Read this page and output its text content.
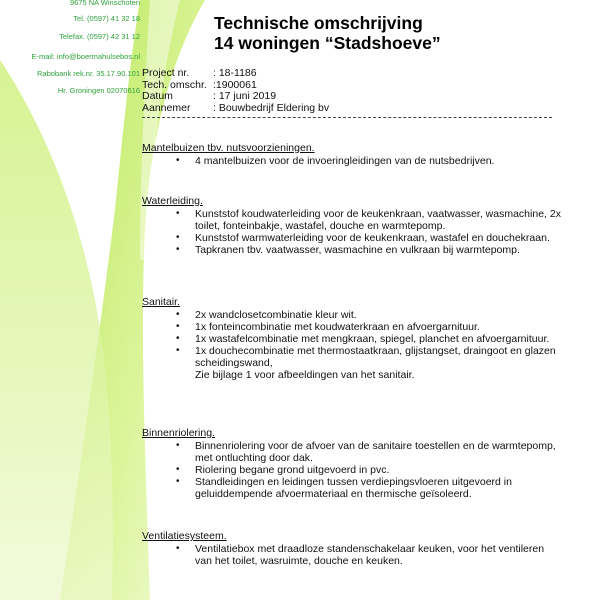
9675 NA Winschoten
Tel. (0597) 41 32 18
Telefax. (0597) 42 31 12
E-mail: info@boermahulsebos.nl
Rabobank rek.nr. 35.17.90.101
Hr. Groningen 02070616
Technische omschrijving
14 woningen “Stadshoeve”
Project nr. : 18-1186
Tech. omschr. :1900061
Datum	: 17 juni 2019
Aannemer : Bouwbedrijf Eldering bv
Mantelbuizen tbv. nutsvoorzieningen.
• 4 mantelbuizen voor de invoeringleidingen van de nutsbedrijven.
Waterleiding.
• Kunststof koudwaterleiding voor de keukenkraan, vaatwasser, wasmachine, 2x toilet, fonteinbakje, wastafel, douche en warmtepomp.
• Kunststof warmwaterleiding voor de keukenkraan, wastafel en douchekraan.
• Tapkranen tbv. vaatwasser, wasmachine en vulkraan bij warmtepomp.
Sanitair.
• 2x wandclosetcombinatie kleur wit.
• 1x fonteincombinatie met koudwaterkraan en afvoergarnituur.
• 1x wastafelcombinatie met mengkraan, spiegel, planchet en afvoergarnituur.
• 1x douchecombinatie met thermostaatkraan, glijstangset, draingoot en glazen scheidingswand,
Zie bijlage 1 voor afbeeldingen van het sanitair.
Binnenriolering.
• Binnenriolering voor de afvoer van de sanitaire toestellen en de warmtepomp, met ontluchting door dak.
• Riolering begane grond uitgevoerd in pvc.
• Standleidingen en leidingen tussen verdiepingsvloeren uitgevoerd in geluiddempende afvoermateriaal en thermische geïsoleerd.
Ventilatiesysteem.
• Ventilatiebox met draadloze standenschakelaar keuken, voor het ventileren van het toilet, wasruimte, douche en keuken.
